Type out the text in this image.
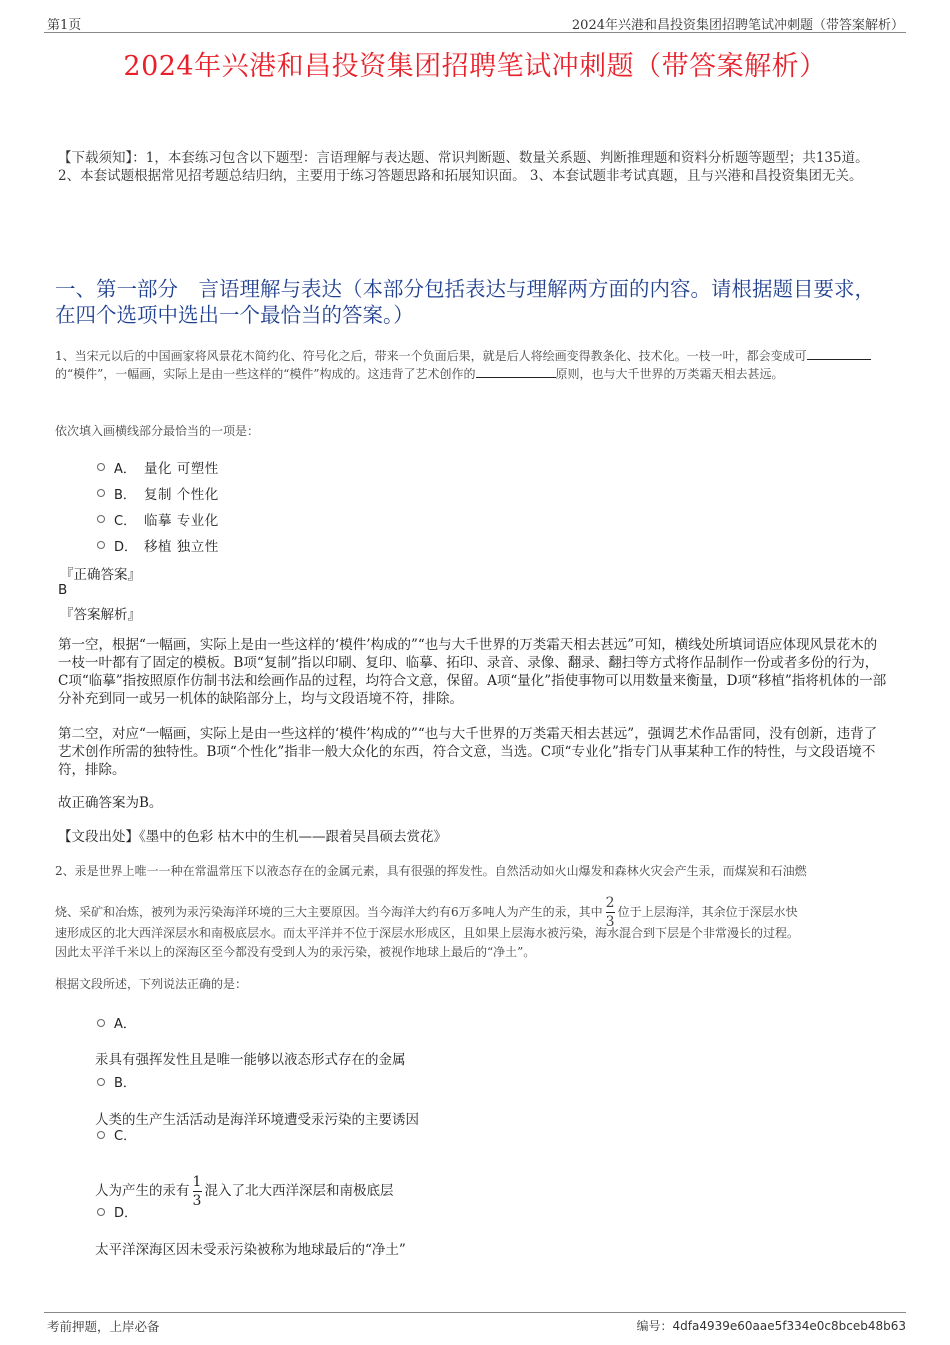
第1页	2024年兴港和昌投资集团招聘笔试冲刺题（带答案解析）
2024年兴港和昌投资集团招聘笔试冲刺题（带答案解析）
【下载须知】：1，本套练习包含以下题型：言语理解与表达题、常识判断题、数量关系题、判断推理题和资料分析题等题型；共135道。 2、本套试题根据常见招考题总结归纳，主要用于练习答题思路和拓展知识面。 3、本套试题非考试真题，且与兴港和昌投资集团无关。
一、第一部分　言语理解与表达（本部分包括表达与理解两方面的内容。请根据题目要求，在四个选项中选出一个最恰当的答案。）
1、当宋元以后的中国画家将风景花木简约化、符号化之后，带来一个负面后果，就是后人将绘画变得教条化、技术化。一枝一叶，都会变成可的“模件”，一幅画，实际上是由一些这样的“模件”构成的。这违背了艺术创作的	原则，也与大千世界的万类霜天相去甚远。
依次填入画横线部分最恰当的一项是：
A． 量化 可塑性
B． 复制 个性化
C． 临摹 专业化
D． 移植 独立性
『正确答案』
B
『答案解析』
第一空，根据“一幅画，实际上是由一些这样的‘模件’构成的”“也与大千世界的万类霜天相去甚远”可知，横线处所填词语应体现风景花木的一枝一叶都有了固定的模板。B项“复制”指以印刷、复印、临摹、拓印、录音、录像、翻录、翻扫等方式将作品制作一份或者多份的行为，C项“临摹”指按照原作仿制书法和绘画作品的过程，均符合文意，保留。A项“量化”指使事物可以用数量来衡量，D项“移植”指将机体的一部分补充到同一或另一机体的缺陷部分上，均与文段语境不符，排除。
第二空，对应“一幅画，实际上是由一些这样的‘模件’构成的”“也与大千世界的万类霜天相去甚远”，强调艺术作品雷同，没有创新，违背了艺术创作所需的独特性。B项“个性化”指非一般大众化的东西，符合文意，当选。C项“专业化”指专门从事某种工作的特性，与文段语境不符，排除。
故正确答案为B。
【文段出处】《墨中的色彩 枯木中的生机——跟着吴昌硕去赏花》
2、汞是世界上唯一一种在常温常压下以液态存在的金属元素，具有很强的挥发性。自然活动如火山爆发和森林火灾会产生汞，而煤炭和石油燃
烧、采矿和冶炼，被列为汞污染海洋环境的三大主要原因。当今海洋大约有6万多吨人为产生的汞，其中 $\frac{2}{3}$ 位于上层海洋，其余位于深层水快
速形成区的北大西洋深层水和南极底层水。而太平洋并不位于深层水形成区，且如果上层海水被污染，海水混合到下层是个非常漫长的过程。
因此太平洋千米以上的深海区至今都没有受到人为的汞污染，被视作地球上最后的“净土”。
根据文段所述，下列说法正确的是：
A．
汞具有强挥发性且是唯一能够以液态形式存在的金属
B．
人类的生产生活活动是海洋环境遭受汞污染的主要诱因
C．
人为产生的汞有 $\frac{1}{3}$ 混入了北大西洋深层和南极底层
D．
太平洋深海区因未受汞污染被称为地球最后的“净土”
考前押题，上岸必备	编号：4dfa4939e60aae5f334e0c8bceb48b63
